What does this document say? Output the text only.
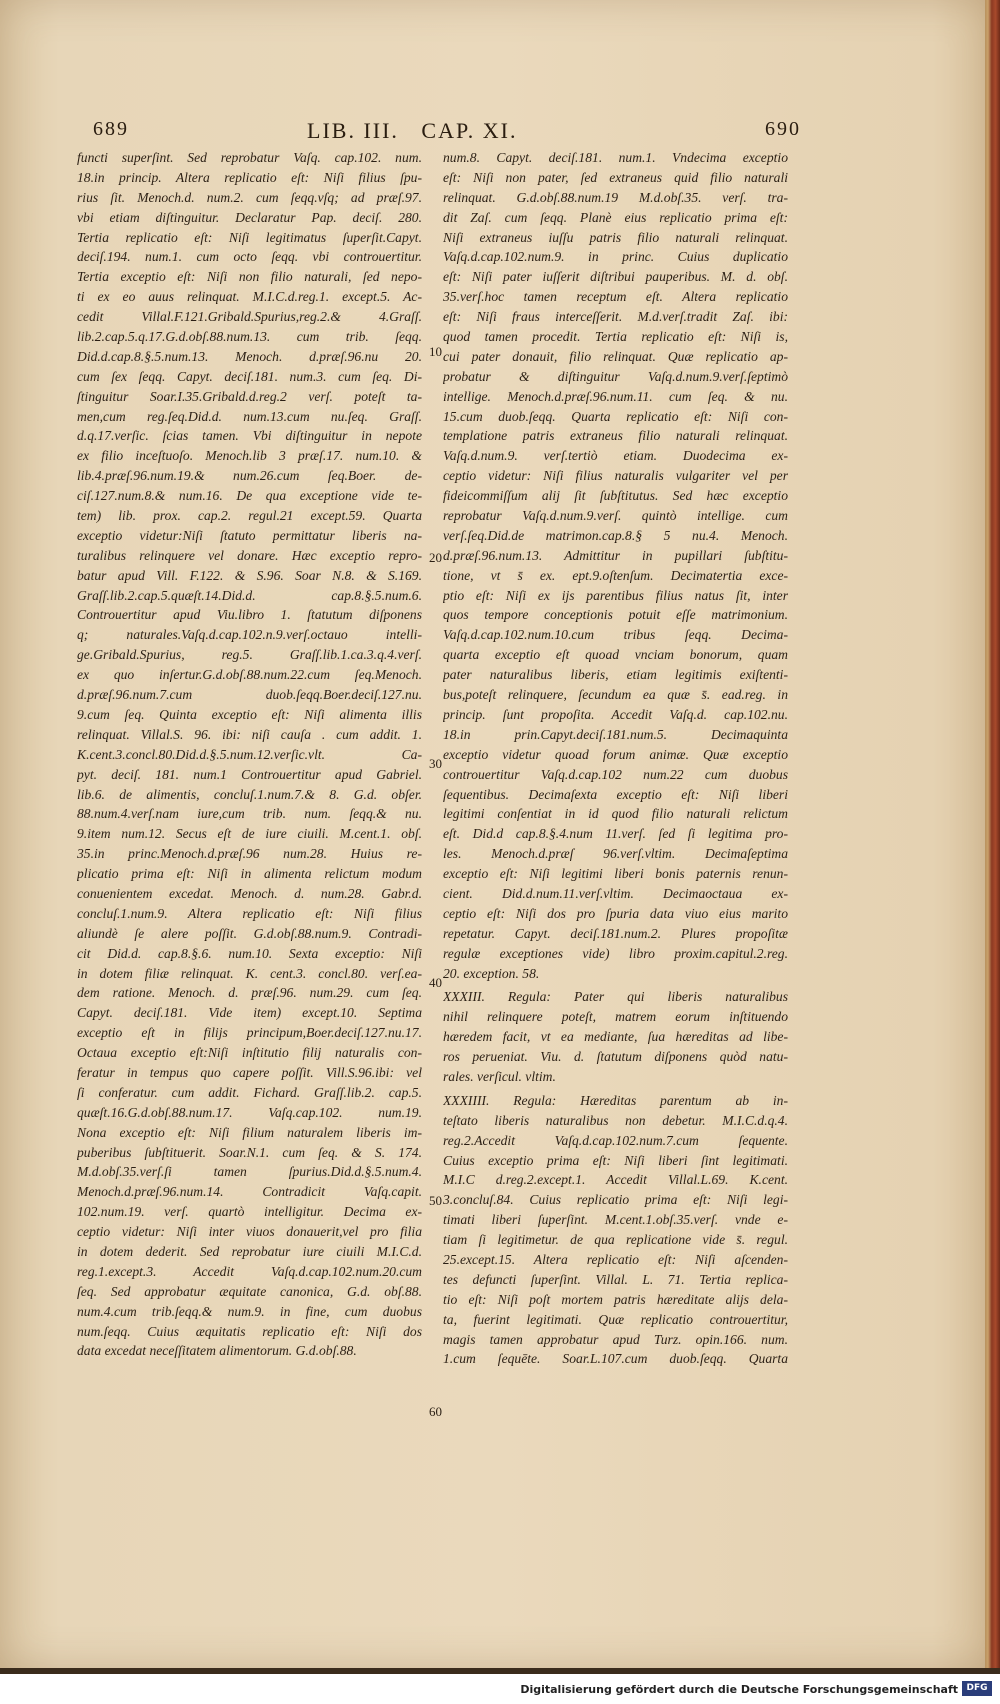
689	LIB. III.   CAP. XI.	690
functi superſint. Sed reprobatur Vaſq. cap.102. num.
18.in princip. Altera replicatio eſt: Niſi filius ſpu-
rius ſit. Menoch.d. num.2. cum ſeqq.vſq; ad præſ.97.
vbi etiam diſtinguitur. Declaratur Pap. deciſ. 280.
Tertia replicatio eſt: Niſi legitimatus ſuperſit.Capyt.
deciſ.194. num.1. cum octo ſeqq. vbi controuertitur.
Tertia exceptio eſt: Niſi non filio naturali, ſed nepo-
ti ex eo auus relinquat. M.I.C.d.reg.1. except.5. Ac-
cedit Villal.F.121.Gribald.Spurius,reg.2.& 4.Graſſ.
lib.2.cap.5.q.17.G.d.obſ.88.num.13. cum trib. ſeqq.
Did.d.cap.8.§.5.num.13. Menoch. d.præſ.96.nu 20.
cum ſex ſeqq. Capyt. deciſ.181. num.3. cum ſeq. Di-
ſtinguitur Soar.I.35.Gribald.d.reg.2 verſ. poteſt ta-
men,cum reg.ſeq.Did.d. num.13.cum nu.ſeq. Graſſ.
d.q.17.verſic. ſcias tamen. Vbi diſtinguitur in nepote
ex filio inceſtuoſo. Menoch.lib 3 præſ.17. num.10. &
lib.4.præſ.96.num.19.& num.26.cum ſeq.Boer. de-
ciſ.127.num.8.& num.16. De qua exceptione vide te-
tem) lib. prox. cap.2. regul.21 except.59. Quarta
exceptio videtur:Niſi ſtatuto permittatur liberis na-
turalibus relinquere vel donare. Hæc exceptio repro-
batur apud Vill. F.122. & S.96. Soar N.8. & S.169.
Graſſ.lib.2.cap.5.quæſt.14.Did.d. cap.8.§.5.num.6.
Controuertitur apud Viu.libro 1. ſtatutum diſponens
q; naturales.Vaſq.d.cap.102.n.9.verſ.octauo intelli-
ge.Gribald.Spurius, reg.5. Graſſ.lib.1.ca.3.q.4.verſ.
ex quo inſertur.G.d.obſ.88.num.22.cum ſeq.Menoch.
d.præſ.96.num.7.cum duob.ſeqq.Boer.deciſ.127.nu.
9.cum ſeq. Quinta exceptio eſt: Niſi alimenta illis
relinquat. Villal.S. 96. ibi: niſi cauſa . cum addit. 1.
K.cent.3.concl.80.Did.d.§.5.num.12.verſic.vlt. Ca-
pyt. deciſ. 181. num.1 Controuertitur apud Gabriel.
lib.6. de alimentis, concluſ.1.num.7.& 8. G.d. obſer.
88.num.4.verſ.nam iure,cum trib. num. ſeqq.& nu.
9.item num.12. Secus eſt de iure ciuili. M.cent.1. obſ.
35.in princ.Menoch.d.præſ.96 num.28. Huius re-
plicatio prima eſt: Niſi in alimenta relictum modum
conuenientem excedat. Menoch. d. num.28. Gabr.d.
concluſ.1.num.9. Altera replicatio eſt: Niſi filius
aliundè ſe alere poſſit. G.d.obſ.88.num.9. Contradi-
cit Did.d. cap.8.§.6. num.10. Sexta exceptio: Niſi
in dotem filiæ relinquat. K. cent.3. concl.80. verſ.ea-
dem ratione. Menoch. d. præſ.96. num.29. cum ſeq.
Capyt. deciſ.181. Vide item) except.10. Septima
exceptio eſt in filijs principum,Boer.deciſ.127.nu.17.
Octaua exceptio eſt:Niſi inſtitutio filij naturalis con-
feratur in tempus quo capere poſſit. Vill.S.96.ibi: vel
ſi conferatur. cum addit. Fichard. Graſſ.lib.2. cap.5.
quæſt.16.G.d.obſ.88.num.17. Vaſq.cap.102. num.19.
Nona exceptio eſt: Niſi filium naturalem liberis im-
puberibus ſubſtituerit. Soar.N.1. cum ſeq. & S. 174.
M.d.obſ.35.verſ.ſi tamen ſpurius.Did.d.§.5.num.4.
Menoch.d.præſ.96.num.14. Contradicit Vaſq.capit.
102.num.19. verſ. quartò intelligitur. Decima ex-
ceptio videtur: Niſi inter viuos donauerit,vel pro filia
in dotem dederit. Sed reprobatur iure ciuili M.I.C.d.
reg.1.except.3. Accedit Vaſq.d.cap.102.num.20.cum
ſeq. Sed approbatur æquitate canonica, G.d. obſ.88.
num.4.cum trib.ſeqq.& num.9. in fine, cum duobus
num.ſeqq. Cuius æquitatis replicatio eſt: Niſi dos
data excedat neceſſitatem alimentorum. G.d.obſ.88.
num.8. Capyt. deciſ.181. num.1. Vndecima exceptio
eſt: Niſi non pater, ſed extraneus quid filio naturali
relinquat. G.d.obſ.88.num.19 M.d.obſ.35. verſ. tra-
dit Zaſ. cum ſeqq. Planè eius replicatio prima eſt:
Niſi extraneus iuſſu patris filio naturali relinquat.
Vaſq.d.cap.102.num.9. in princ. Cuius duplicatio
eſt: Niſi pater iuſſerit diſtribui pauperibus. M. d. obſ.
35.verſ.hoc tamen receptum eſt. Altera replicatio
eſt: Niſi fraus interceſſerit. M.d.verſ.tradit Zaſ. ibi:
quod tamen procedit. Tertia replicatio eſt: Niſi is,
cui pater donauit, filio relinquat. Quæ replicatio ap-
probatur & diſtinguitur Vaſq.d.num.9.verſ.ſeptimò
intellige. Menoch.d.præſ.96.num.11. cum ſeq. & nu.
15.cum duob.ſeqq. Quarta replicatio eſt: Niſi con-
templatione patris extraneus filio naturali relinquat.
Vaſq.d.num.9. verſ.tertiò etiam. Duodecima ex-
ceptio videtur: Niſi filius naturalis vulgariter vel per
fideicommiſſum alij ſit ſubſtitutus. Sed hæc exceptio
reprobatur Vaſq.d.num.9.verſ. quintò intellige. cum
verſ.ſeq.Did.de matrimon.cap.8.§ 5 nu.4. Menoch.
d.præſ.96.num.13. Admittitur in pupillari ſubſtitu-
tione, vt s̄ ex. ept.9.oſtenſum. Decimatertia exce-
ptio eſt: Niſi ex ijs parentibus filius natus ſit, inter
quos tempore conceptionis potuit eſſe matrimonium.
Vaſq.d.cap.102.num.10.cum tribus ſeqq. Decima-
quarta exceptio eſt quoad vnciam bonorum, quam
pater naturalibus liberis, etiam legitimis exiſtenti-
bus,poteſt relinquere, ſecundum ea quæ s̄. ead.reg. in
princip. ſunt propoſita. Accedit Vaſq.d. cap.102.nu.
18.in prin.Capyt.deciſ.181.num.5. Decimaquinta
exceptio videtur quoad forum animæ. Quæ exceptio
controuertitur Vaſq.d.cap.102 num.22 cum duobus
ſequentibus. Decimaſexta exceptio eſt: Niſi liberi
legitimi conſentiat in id quod filio naturali relictum
eſt. Did.d cap.8.§.4.num 11.verſ. ſed ſi legitima pro-
les. Menoch.d.præſ 96.verſ.vltim. Decimaſeptima
exceptio eſt: Niſi legitimi liberi bonis paternis renun-
cient. Did.d.num.11.verſ.vltim. Decimaoctaua ex-
ceptio eſt: Niſi dos pro ſpuria data viuo eius marito
repetatur. Capyt. deciſ.181.num.2. Plures propoſitæ
regulæ exceptiones vide) libro proxim.capitul.2.reg.
20. exception. 58.
XXXIII. Regula: Pater qui liberis naturalibus
nihil relinquere poteſt, matrem eorum inſtituendo
hæredem facit, vt ea mediante, ſua hæreditas ad libe-
ros perueniat. Viu. d. ſtatutum diſponens quòd natu-
rales. verſicul. vltim.
XXXIIII. Regula: Hæreditas parentum ab in-
teſtato liberis naturalibus non debetur. M.I.C.d.q.4.
reg.2.Accedit Vaſq.d.cap.102.num.7.cum ſequente.
Cuius exceptio prima eſt: Niſi liberi ſint legitimati.
M.I.C d.reg.2.except.1. Accedit Villal.L.69. K.cent.
3.concluſ.84. Cuius replicatio prima eſt: Niſi legi-
timati liberi ſuperſint. M.cent.1.obſ.35.verſ. vnde e-
tiam ſi legitimetur. de qua replicatione vide s̄. regul.
25.except.15. Altera replicatio eſt: Niſi aſcenden-
tes defuncti ſuperſint. Villal. L. 71. Tertia replica-
tio eſt: Niſi poſt mortem patris hæreditate alijs dela-
ta, fuerint legitimati. Quæ replicatio controuertitur,
magis tamen approbatur apud Turz. opin.166. num.
1.cum ſequēte. Soar.L.107.cum duob.ſeqq. Quarta
10
20
30
40
50
60
Digitalisierung gefördert durch die Deutsche Forschungsgemeinschaft DFG
